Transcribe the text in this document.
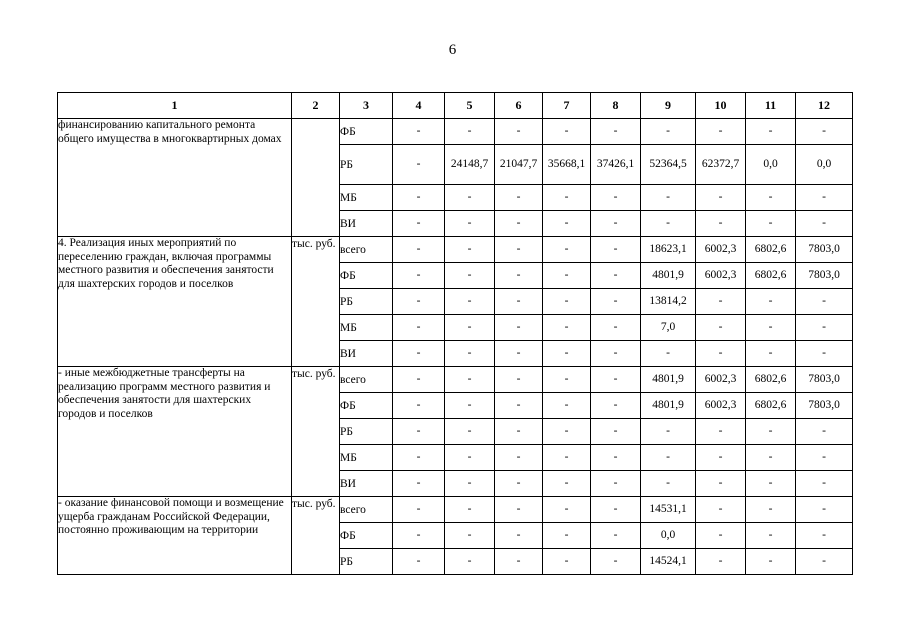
6
1	2	3	4	5	6	7	8	9	10	11	12
финансированию капитального ремонта общего имущества в многоквартирных домах		ФБ	-	-	-	-	-	-	-	-	-
		РБ	-	24148,7	21047,7	35668,1	37426,1	52364,5	62372,7	0,0	0,0
		МБ	-	-	-	-	-	-	-	-	-
		ВИ	-	-	-	-	-	-	-	-	-
4. Реализация иных мероприятий по переселению граждан, включая программы местного развития и обеспечения занятости для шахтерских городов и поселков	тыс. руб.	всего	-	-	-	-	-	18623,1	6002,3	6802,6	7803,0
		ФБ	-	-	-	-	-	4801,9	6002,3	6802,6	7803,0
		РБ	-	-	-	-	-	13814,2	-	-	-
		МБ	-	-	-	-	-	7,0	-	-	-
		ВИ	-	-	-	-	-	-	-	-	-
- иные межбюджетные трансферты на реализацию программ местного развития и обеспечения занятости для шахтерских городов и поселков	тыс. руб.	всего	-	-	-	-	-	4801,9	6002,3	6802,6	7803,0
		ФБ	-	-	-	-	-	4801,9	6002,3	6802,6	7803,0
		РБ	-	-	-	-	-	-	-	-	-
		МБ	-	-	-	-	-	-	-	-	-
		ВИ	-	-	-	-	-	-	-	-	-
- оказание финансовой помощи и возмещение ущерба гражданам Российской Федерации, постоянно проживающим на территории	тыс. руб.	всего	-	-	-	-	-	14531,1	-	-	-
		ФБ	-	-	-	-	-	0,0	-	-	-
		РБ	-	-	-	-	-	14524,1	-	-	-
